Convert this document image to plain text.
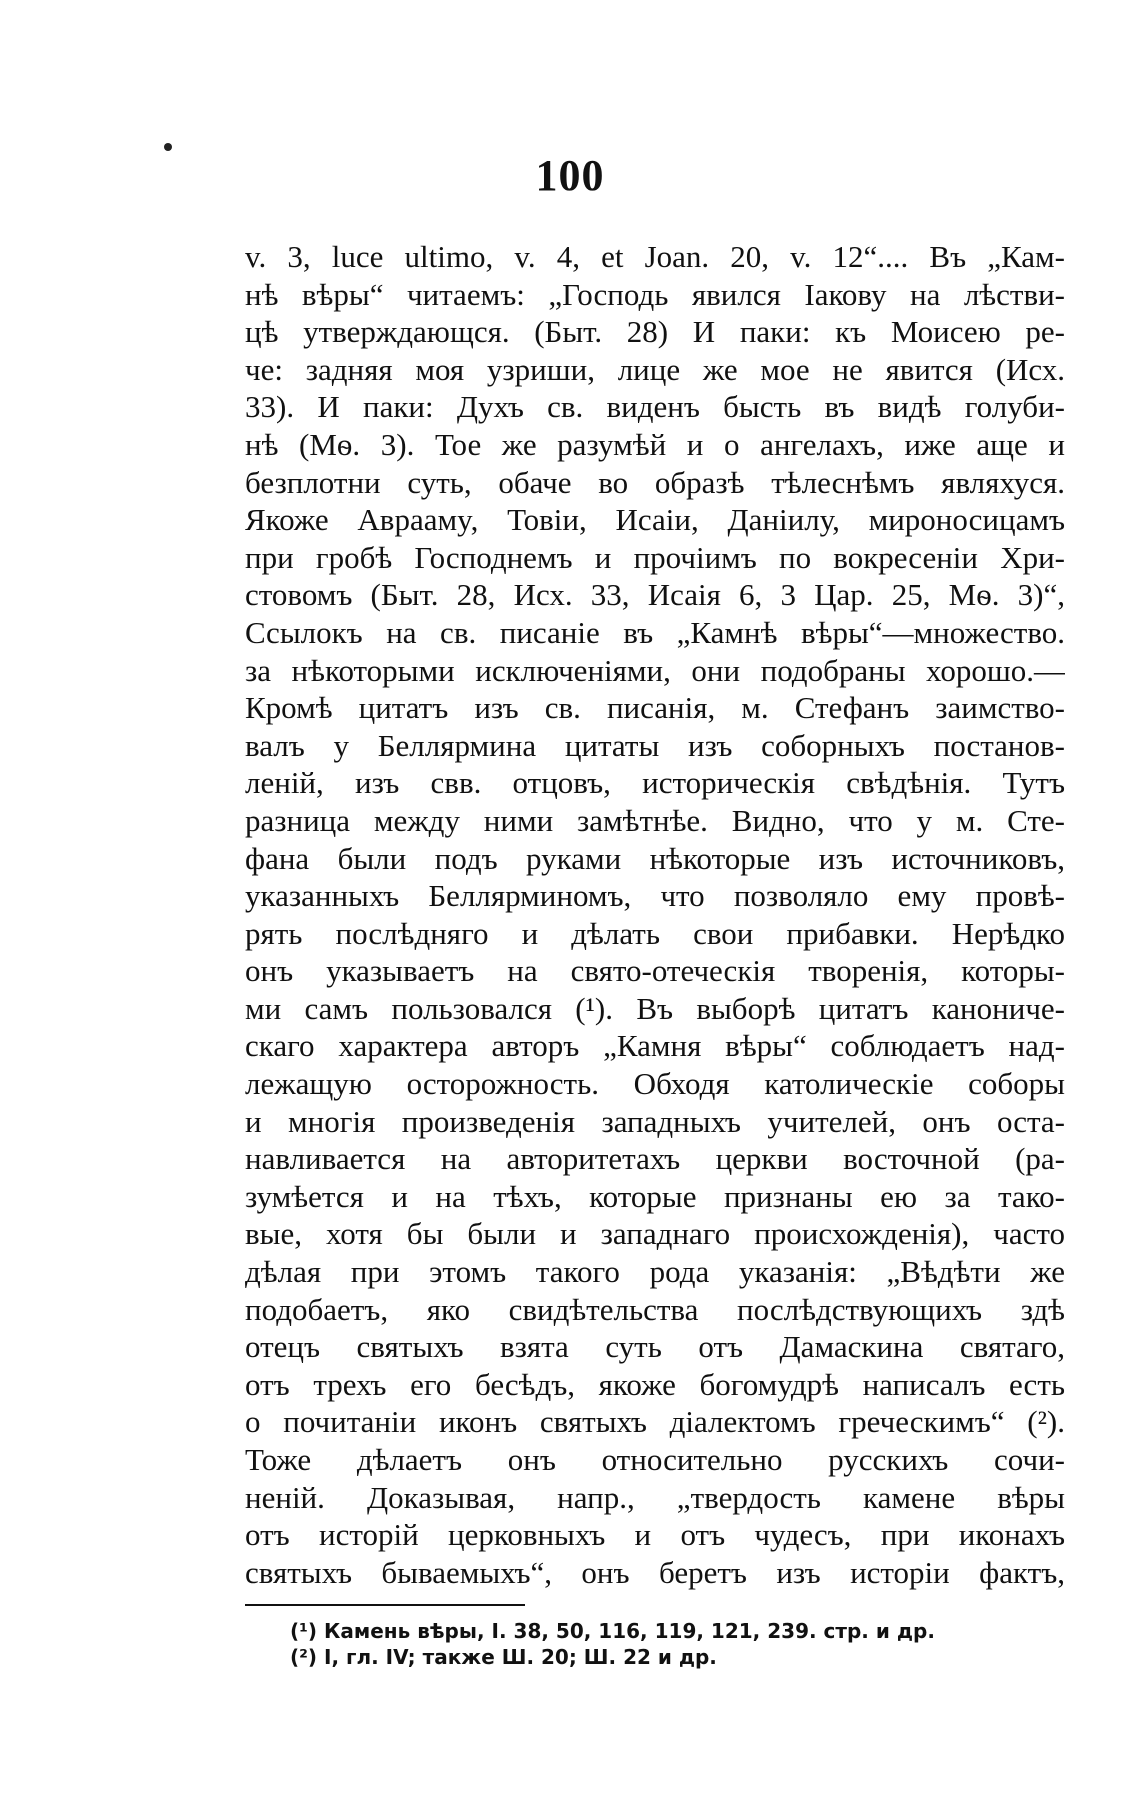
100
v. 3, luce ultimo, v. 4, et Joan. 20, v. 12“.... Въ „Кам-
нѣ вѣры“ читаемъ: „Господь явился Іакову на лѣстви-
цѣ утверждающся. (Быт. 28) И паки: къ Моисею ре-
че: задняя моя узриши, лице же мое не явится (Исх.
33). И паки: Духъ св. виденъ бысть въ видѣ голуби-
нѣ (Мѳ. 3). Тое же разумѣй и о ангелахъ, иже аще и
безплотни суть, обаче во образѣ тѣлеснѣмъ являхуся.
Якоже Авраамy, Товіи, Исаіи, Даніилу, мироносицамъ
при гробѣ Господнемъ и прочіимъ по вокресеніи Хри-
стовомъ (Быт. 28, Исх. 33, Исаія 6, 3 Цар. 25, Мѳ. 3)“,
Ссылокъ на св. писаніе въ „Камнѣ вѣры“—множество.
за нѣкоторыми исключеніями, они подобраны хорошо.—
Кромѣ цитатъ изъ св. писанія, м. Стефанъ заимство-
валъ у Беллярмина цитаты изъ соборныхъ постанов-
леній, изъ свв. отцовъ, историческія свѣдѣнія. Тутъ
разница между ними замѣтнѣе. Видно, что у м. Сте-
фана были подъ руками нѣкоторые изъ источниковъ,
указанныхъ Беллярминомъ, что позволяло ему провѣ-
рять послѣдняго и дѣлать свои прибавки. Нерѣдко
онъ указываетъ на свято-отеческія творенія, которы-
ми самъ пользовался (¹). Въ выборѣ цитатъ канониче-
скаго характера авторъ „Камня вѣры“ соблюдаетъ над-
лежащую осторожность. Обходя католическіе соборы
и многія произведенія западныхъ учителей, онъ оста-
навливается на авторитетахъ церкви восточной (ра-
зумѣется и на тѣхъ, которые признаны ею за тако-
выe, хотя бы были и западнаго происхожденія), часто
дѣлая при этомъ такого рода указанія: „Вѣдѣти же
подобаетъ, яко свидѣтельства послѣдствующихъ здѣ
отецъ святыхъ взята суть отъ Дамаскина святаго,
отъ трехъ его бесѣдъ, якоже богомудрѣ написалъ есть
о почитаніи иконъ святыхъ діалектомъ греческимъ“ (²).
Тоже дѣлаетъ онъ относительно русскихъ сочи-
неній. Доказывая, напр., „твердость камене вѣры
отъ исторій церковныхъ и отъ чудесъ, при иконахъ
святыхъ бываемыхъ“, онъ беретъ изъ исторіи фактъ,
(¹) Камень вѣры, І. 38, 50, 116, 119, 121, 239. стр. и др.
(²) І, гл. IV; также Ш. 20; Ш. 22 и др.
